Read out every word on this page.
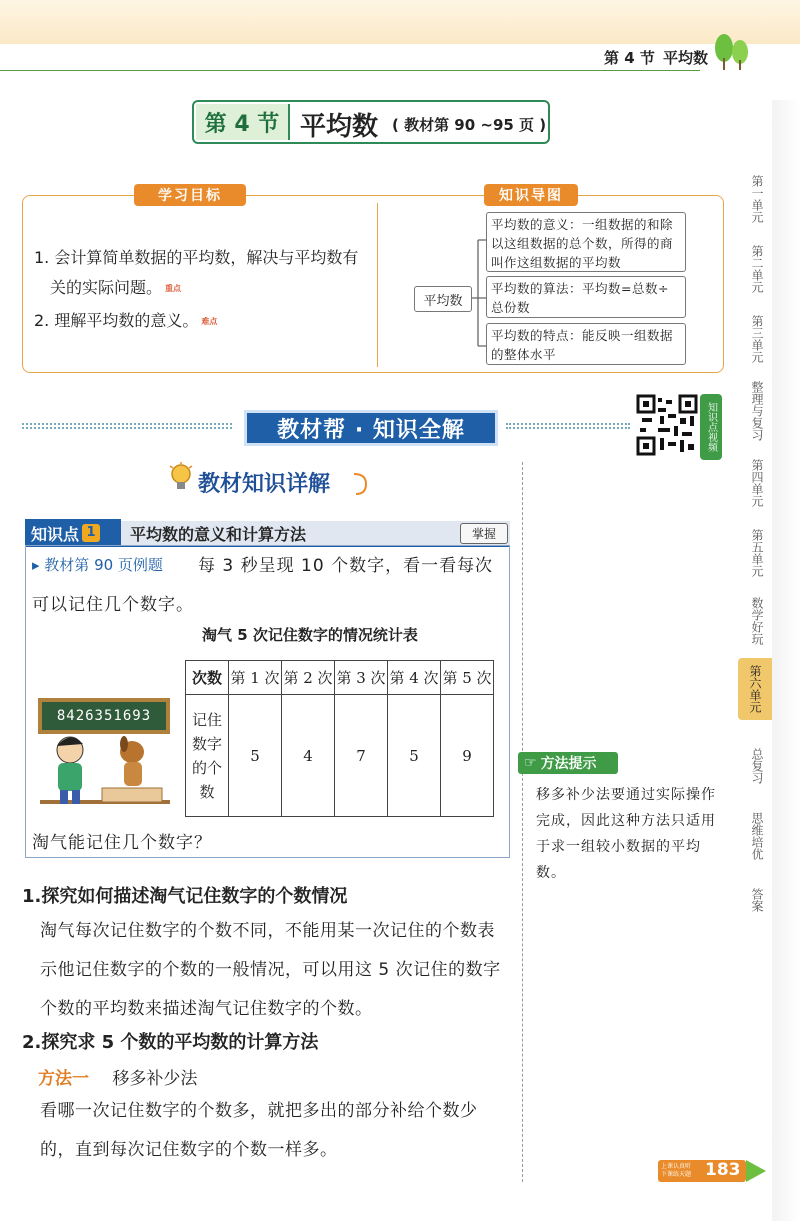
第 4 节 平均数
第一单元
第二单元
第三单元
整理与复习
第四单元
第五单元
数学好玩
第六单元
总复习
思维培优
答案
第 4 节 平均数 ( 教材第 90 ~95 页 )
学习目标	知识导图
1. 会计算简单数据的平均数，解决与平均数有
关的实际问题。 重点
2. 理解平均数的意义。 难点
平均数
平均数的意义：一组数据的和除以这组数据的总个数，所得的商叫作这组数据的平均数
平均数的算法：平均数=总数÷总份数
平均数的特点：能反映一组数据的整体水平
教材帮 · 知识全解	知识点视频
教材知识详解
知识点 1 平均数的意义和计算方法	掌握
▸ 教材第 90 页例题 每 3 秒呈现 10 个数字，看一看每次
可以记住几个数字。
淘气 5 次记住数字的情况统计表
次数	第 1 次	第 2 次	第 3 次	第 4 次	第 5 次

记住
数字
的个
数	5	4	7	5	9
8426351693
淘气能记住几个数字？
☞ 方法提示
移多补少法要通过实际操作完成，因此这种方法只适用于求一组较小数据的平均数。
1.探究如何描述淘气记住数字的个数情况
淘气每次记住数字的个数不同，不能用某一次记住的个数表示他记住数字的个数的一般情况，可以用这 5 次记住的数字个数的平均数来描述淘气记住数字的个数。
2.探究求 5 个数的平均数的计算方法
方法一 移多补少法
看哪一次记住数字的个数多，就把多出的部分补给个数少的，直到每次记住数字的个数一样多。
上课认真听
下课练天题 183
